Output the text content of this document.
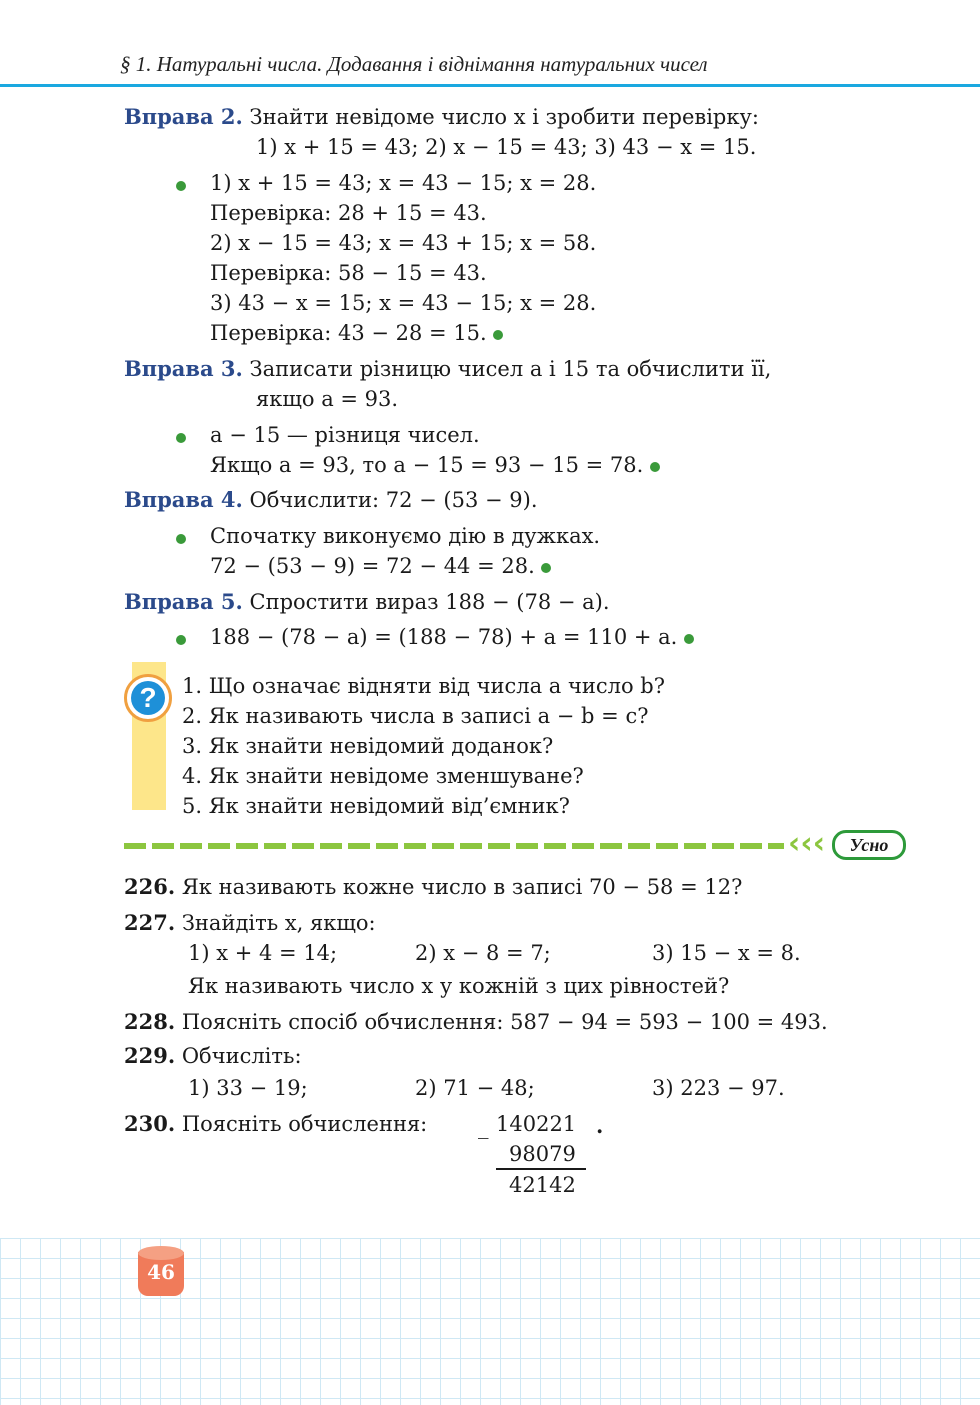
§ 1. Натуральні числа. Додавання і віднімання натуральних чисел
Вправа 2. Знайти невідоме число x і зробити перевірку:
1) x + 15 = 43; 2) x − 15 = 43; 3) 43 − x = 15.
1) x + 15 = 43; x = 43 − 15; x = 28.
Перевірка: 28 + 15 = 43.
2) x − 15 = 43; x = 43 + 15; x = 58.
Перевірка: 58 − 15 = 43.
3) 43 − x = 15; x = 43 − 15; x = 28.
Перевірка: 43 − 28 = 15.
Вправа 3. Записати різницю чисел a і 15 та обчислити її,
якщо a = 93.
a − 15 — різниця чисел.
Якщо a = 93, то a − 15 = 93 − 15 = 78.
Вправа 4. Обчислити: 72 − (53 − 9).
Спочатку виконуємо дію в дужках.
72 − (53 − 9) = 72 − 44 = 28.
Вправа 5. Спростити вираз 188 − (78 − a).
188 − (78 − a) = (188 − 78) + a = 110 + a.
?	1. Що означає відняти від числа a число b?
2. Як називають числа в записі a − b = c?
3. Як знайти невідомий доданок?
4. Як знайти невідоме зменшуване?
5. Як знайти невідомий від’ємник?
‹‹‹	Усно
226. Як називають кожне число в записі 70 − 58 = 12?
227. Знайдіть x, якщо:
1) x + 4 = 14;	2) x − 8 = 7;	3) 15 − x = 8.
Як називають число x у кожній з цих рівностей?
228. Поясніть спосіб обчислення: 587 − 94 = 593 − 100 = 493.
229. Обчисліть:
1) 33 − 19;	2) 71 − 48;	3) 223 − 97.
230. Поясніть обчислення: _ 140221 .
98079
42142
46
